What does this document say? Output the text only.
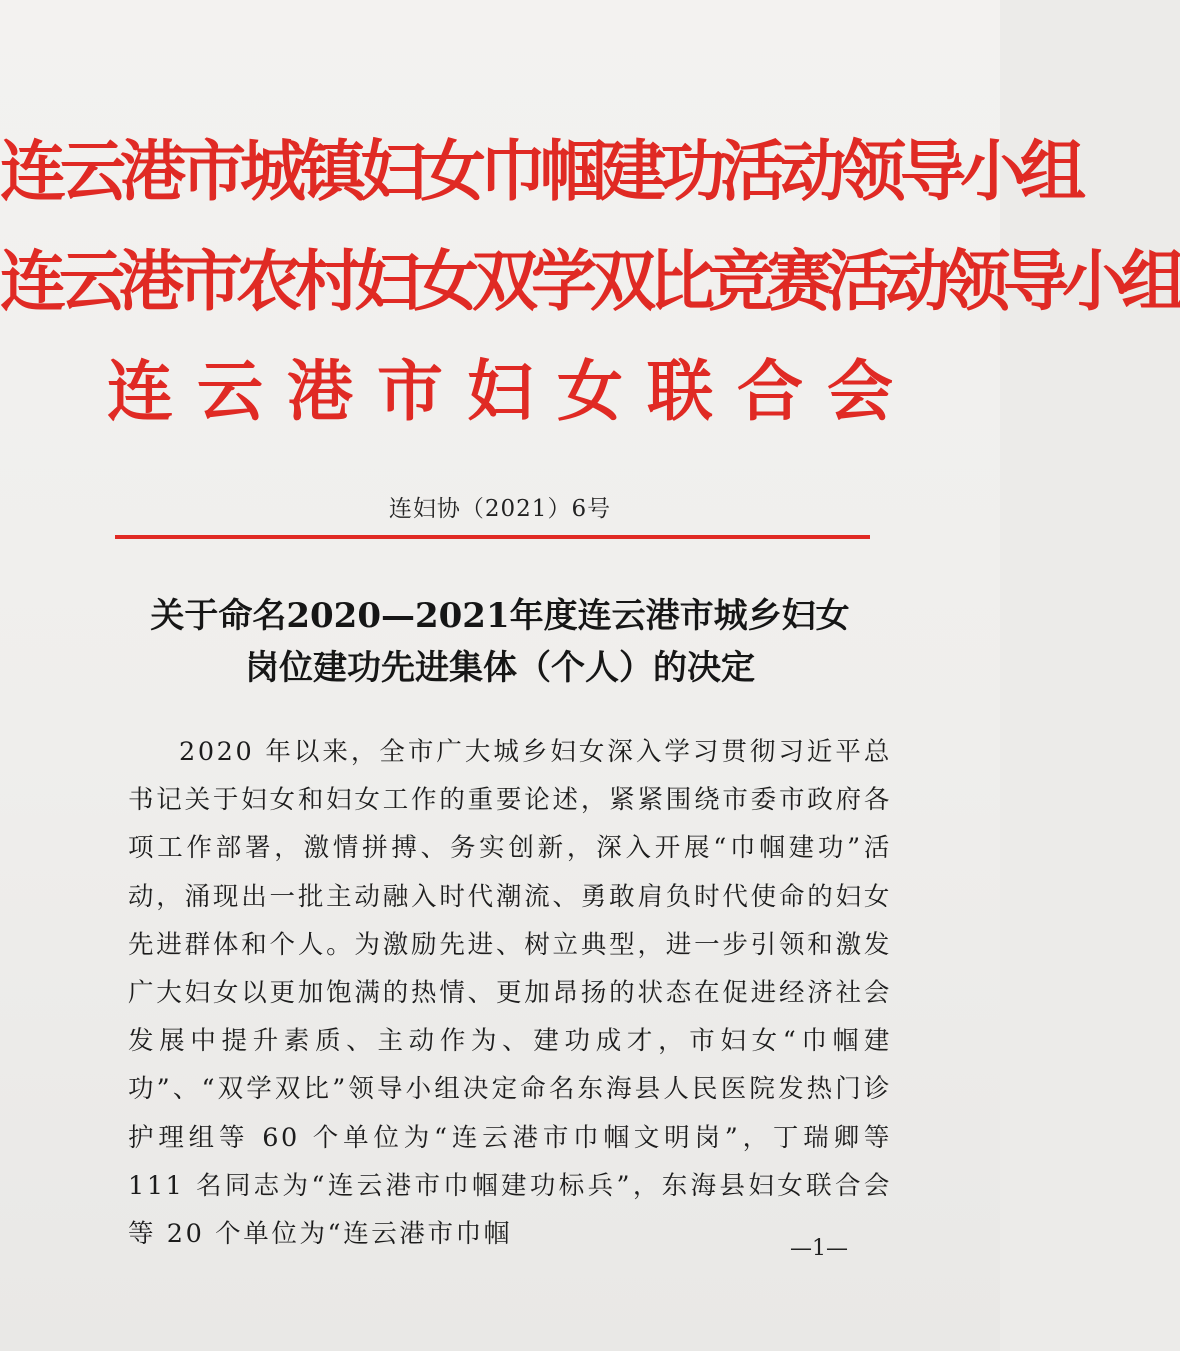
连云港市城镇妇女巾帼建功活动领导小组
连云港市农村妇女双学双比竞赛活动领导小组
连云港市妇女联合会
连妇协（2021）6号
关于命名2020—2021年度连云港市城乡妇女
岗位建功先进集体（个人）的决定

2020 年以来，全市广大城乡妇女深入学习贯彻习近平总书记关于妇女和妇女工作的重要论述，紧紧围绕市委市政府各项工作部署，激情拼搏、务实创新，深入开展“巾帼建功”活动，涌现出一批主动融入时代潮流、勇敢肩负时代使命的妇女先进群体和个人。为激励先进、树立典型，进一步引领和激发广大妇女以更加饱满的热情、更加昂扬的状态在促进经济社会发展中提升素质、主动作为、建功成才，市妇女“巾帼建功”、“双学双比”领导小组决定命名东海县人民医院发热门诊护理组等 60 个单位为“连云港市巾帼文明岗”，丁瑞卿等 111 名同志为“连云港市巾帼建功标兵”，东海县妇女联合会等 20 个单位为“连云港市巾帼	—1—
